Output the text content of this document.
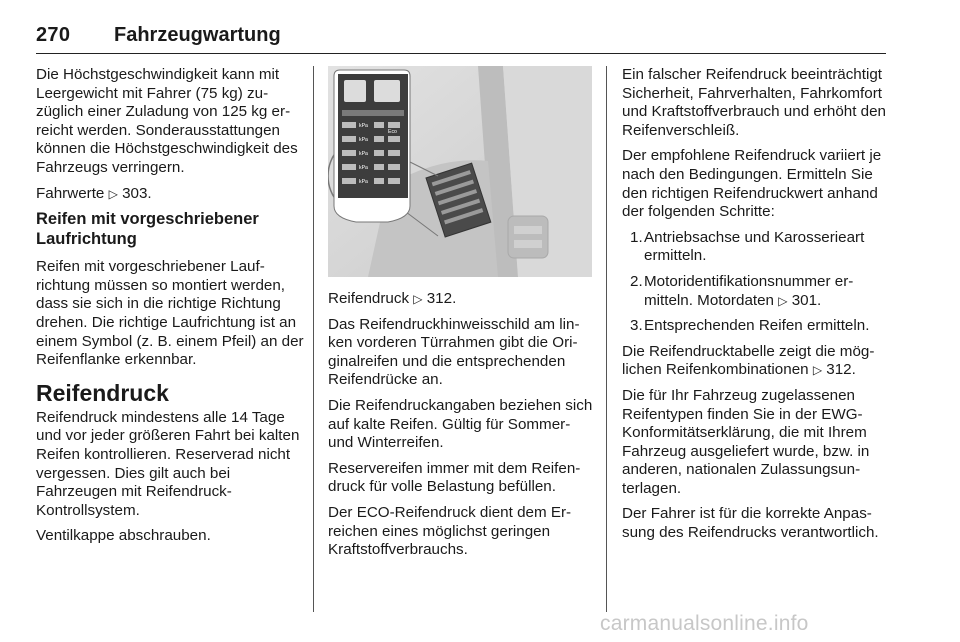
270 Fahrzeugwartung

Die Höchstgeschwindigkeit kann mit Leergewicht mit Fahrer (75 kg) zuzüglich einer Zuladung von 125 kg erreicht werden. Sonderausstattungen können die Höchstgeschwindigkeit des Fahrzeugs verringern.

Fahrwerte ▷ 303.

Reifen mit vorgeschriebener Laufrichtung

Reifen mit vorgeschriebener Laufrichtung müssen so montiert werden, dass sie sich in die richtige Richtung drehen. Die richtige Laufrichtung ist an einem Symbol (z. B. einem Pfeil) an der Reifenflanke erkennbar.

Reifendruck

Reifendruck mindestens alle 14 Tage und vor jeder größeren Fahrt bei kalten Reifen kontrollieren. Reserverad nicht vergessen. Dies gilt auch bei Fahrzeugen mit Reifendruck-Kontrollsystem.

Ventilkappe abschrauben.

kPa
kPa
kPa
kPa
kPa
Eco

Reifendruck ▷ 312.

Das Reifendruckhinweisschild am linken vorderen Türrahmen gibt die Originalreifen und die entsprechenden Reifendrücke an.

Die Reifendruckangaben beziehen sich auf kalte Reifen. Gültig für Sommer- und Winterreifen.

Reservereifen immer mit dem Reifendruck für volle Belastung befüllen.

Der ECO-Reifendruck dient dem Erreichen eines möglichst geringen Kraftstoffverbrauchs.

Ein falscher Reifendruck beeinträchtigt Sicherheit, Fahrverhalten, Fahrkomfort und Kraftstoffverbrauch und erhöht den Reifenverschleiß.

Der empfohlene Reifendruck variiert je nach den Bedingungen. Ermitteln Sie den richtigen Reifendruckwert anhand der folgenden Schritte:

1. Antriebsachse und Karosserieart ermitteln.
2. Motoridentifikationsnummer ermitteln. Motordaten ▷ 301.
3. Entsprechenden Reifen ermitteln.

Die Reifendrucktabelle zeigt die möglichen Reifenkombinationen ▷ 312.

Die für Ihr Fahrzeug zugelassenen Reifentypen finden Sie in der EWG-Konformitätserklärung, die mit Ihrem Fahrzeug ausgeliefert wurde, bzw. in anderen, nationalen Zulassungsunterlagen.

Der Fahrer ist für die korrekte Anpassung des Reifendrucks verantwortlich.

carmanualsonline.info
